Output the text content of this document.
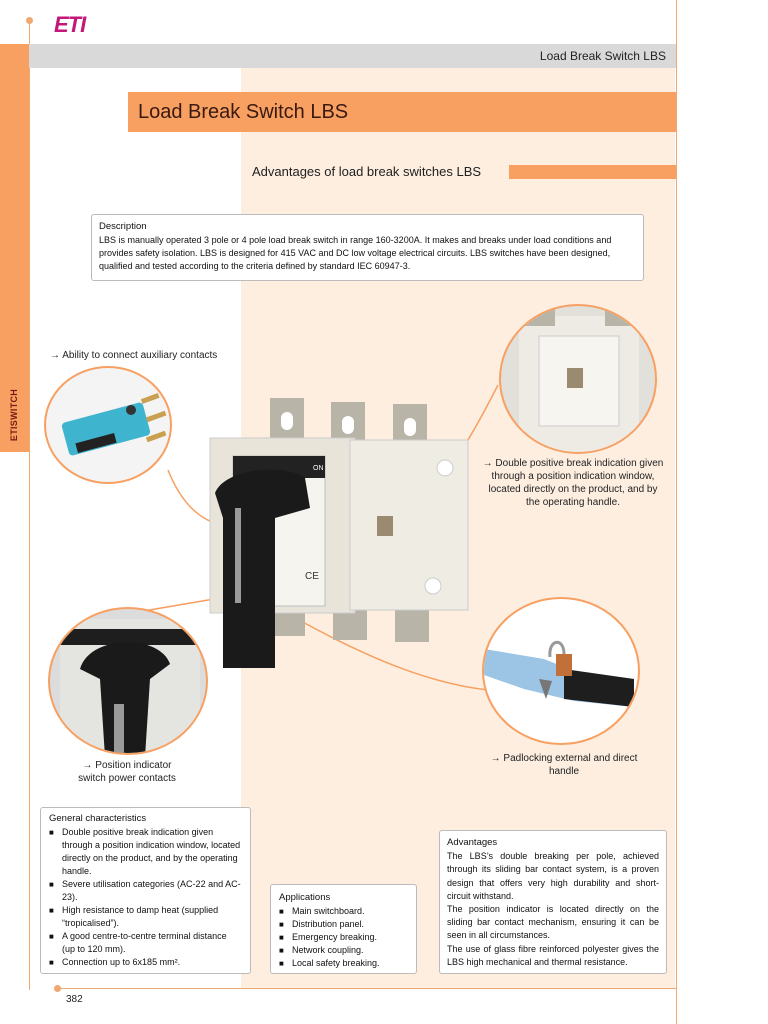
ETISWITCH
ETI
Load Break Switch LBS
Load Break Switch LBS
Advantages of load break switches LBS
Description
LBS is manually operated 3 pole or 4 pole load break switch in range 160-3200A. It makes and breaks under load conditions and provides safety isolation. LBS is designed for 415 VAC and DC low voltage electrical circuits. LBS switches have been designed, qualified and tested according to the criteria defined by standard IEC 60947-3.
→ Ability to connect auxiliary contacts
ON
CE
→ Double positive break indication given through a position indication window, located directly on the product, and by the operating handle.
→ Position indicator switch power contacts
→ Padlocking external and direct handle
General characteristics
■ Double positive break indication given through a position indication window, located directly on the product, and by the operating handle.
■ Severe utilisation categories (AC-22 and AC-23).
■ High resistance to damp heat (supplied “tropicalised”).
■ A good centre-to-centre terminal distance (up to 120 mm).
■ Connection up to 6x185 mm².
Applications
■ Main switchboard.
■ Distribution panel.
■ Emergency breaking.
■ Network coupling.
■ Local safety breaking.
Advantages

The LBS’s double breaking per pole, achieved through its sliding bar contact system, is a proven design that offers very high durability and short-circuit withstand.

The position indicator is located directly on the sliding bar contact mechanism, ensuring it can be seen in all circumstances.

The use of glass fibre reinforced polyester gives the LBS high mechanical and thermal resistance.

382
